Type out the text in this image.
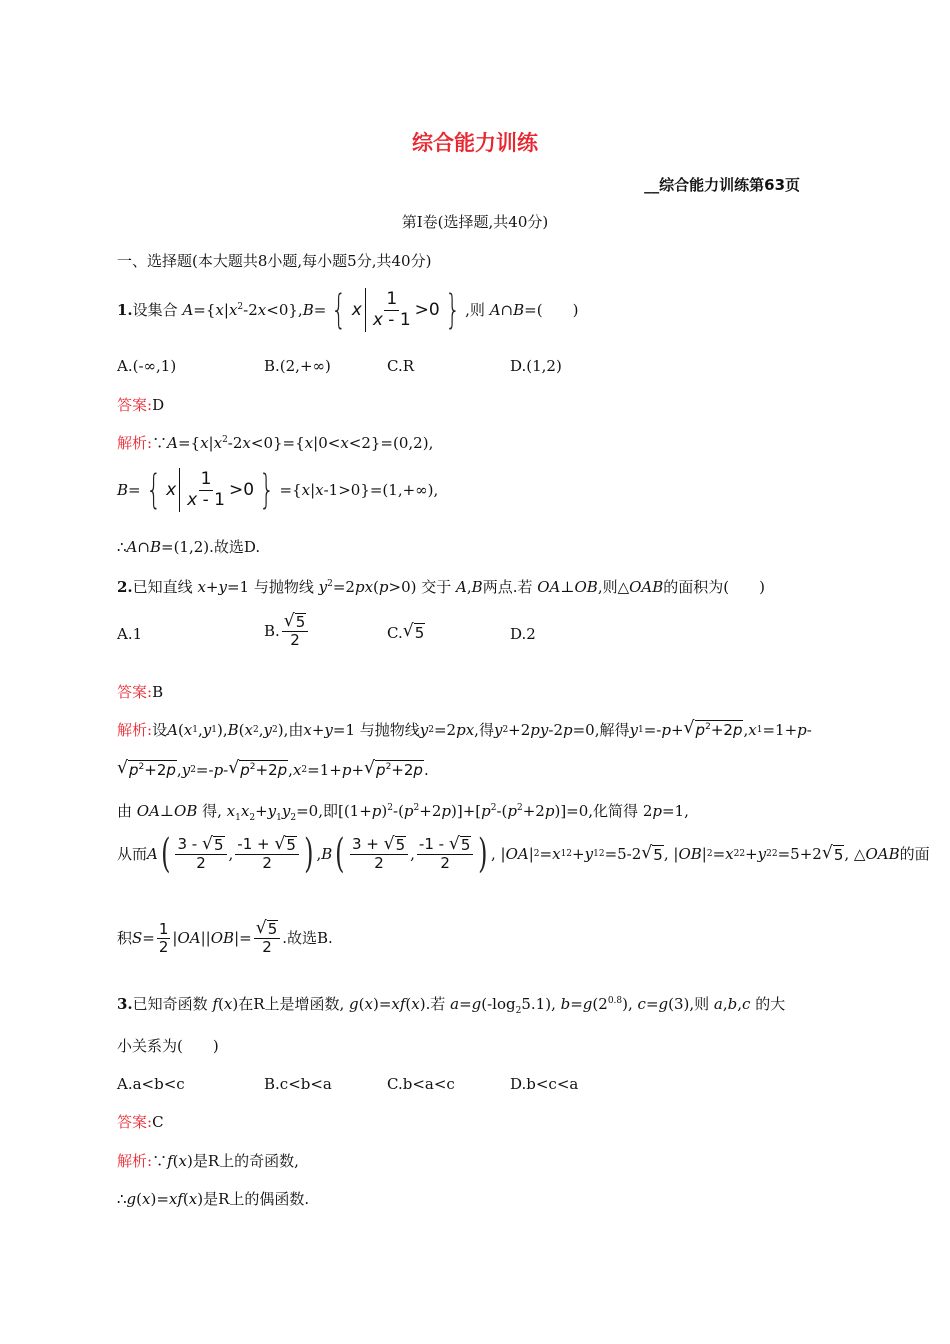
综合能力训练
__综合能力训练第63页
第Ⅰ卷(选择题,共40分)
一、选择题(本大题共8小题,每小题5分,共40分)
1.设集合 $A=\{x|x^2-2x<0\},B=$ { x $\frac{1}{x - 1} >0$ } ,则 A∩B=(　　)
A.(-∞,1)	B.(2,+∞)	C.R	D.(1,2)
答案:D
解析$:\because A=\{x|x^2-2x<0\}=\{x|0<x<2\}=(0,2)$,
B= { x $\frac{1}{x - 1} >0$ } ={x|x-1>0}=(1,+∞),
∴A∩B=(1,2).故选D.
2.已知直线 x+y=1 与抛物线 $y^2=2px(p>0)$ 交于 A,B两点.若 OA⊥OB,则△OAB的面积为(　　)
A.1	B. $\frac{√ 5}{2}$	C. √ 5	D.2
答案:B
解析 : 设 A ( x 1 , y 1 ), B ( x 2 , y 2 ),由 x + y =1 与抛物线 y 2 =2 px ,得 y 2 +2 py -2 p =0,解得 y 1 =- p + √ $p^2+2p$ , x 1 =1+ p -
√ $p^2+2p$ , y 2 =- p - √ $p^2+2p$ , x 2 =1+ p + √ $p^2+2p$ .
由 OA⊥OB 得, $x_1x_2+y_1y_2=0$,即$[(1+p)^2-(p^2+2p)]+[p^2-(p^2+2p)]=0$,化简得 2p=1,
从而 A ( $\frac{3 - √ 5}{2}$ , $\frac{-1 + √ 5}{2}$ ) , B ( $\frac{3 + √ 5}{2}$ , $\frac{-1 - √ 5}{2}$ ) , | OA | 2 = x 1 2 + y 1 2 =5-2 √ 5 , | OB | 2 = x 2 2 + y 2 2 =5+2 √ 5 , △ OAB 的面
积 $S = \frac{1}{2}$ | OA || OB |= $\frac{√ 5}{2}$ .故选B.
3.已知奇函数 f(x)在R上是增函数, g(x)=xf(x).若 $a=g(-\log_25.1)$, $b=g(2^{0.8})$, c=g(3),则 a,b,c 的大
小关系为(　　)
A.a<b<c	B.c<b<a	C.b<a<c	D.b<c<a
答案:C
解析:∵f(x)是R上的奇函数,
∴g(x)=xf(x)是R上的偶函数.
